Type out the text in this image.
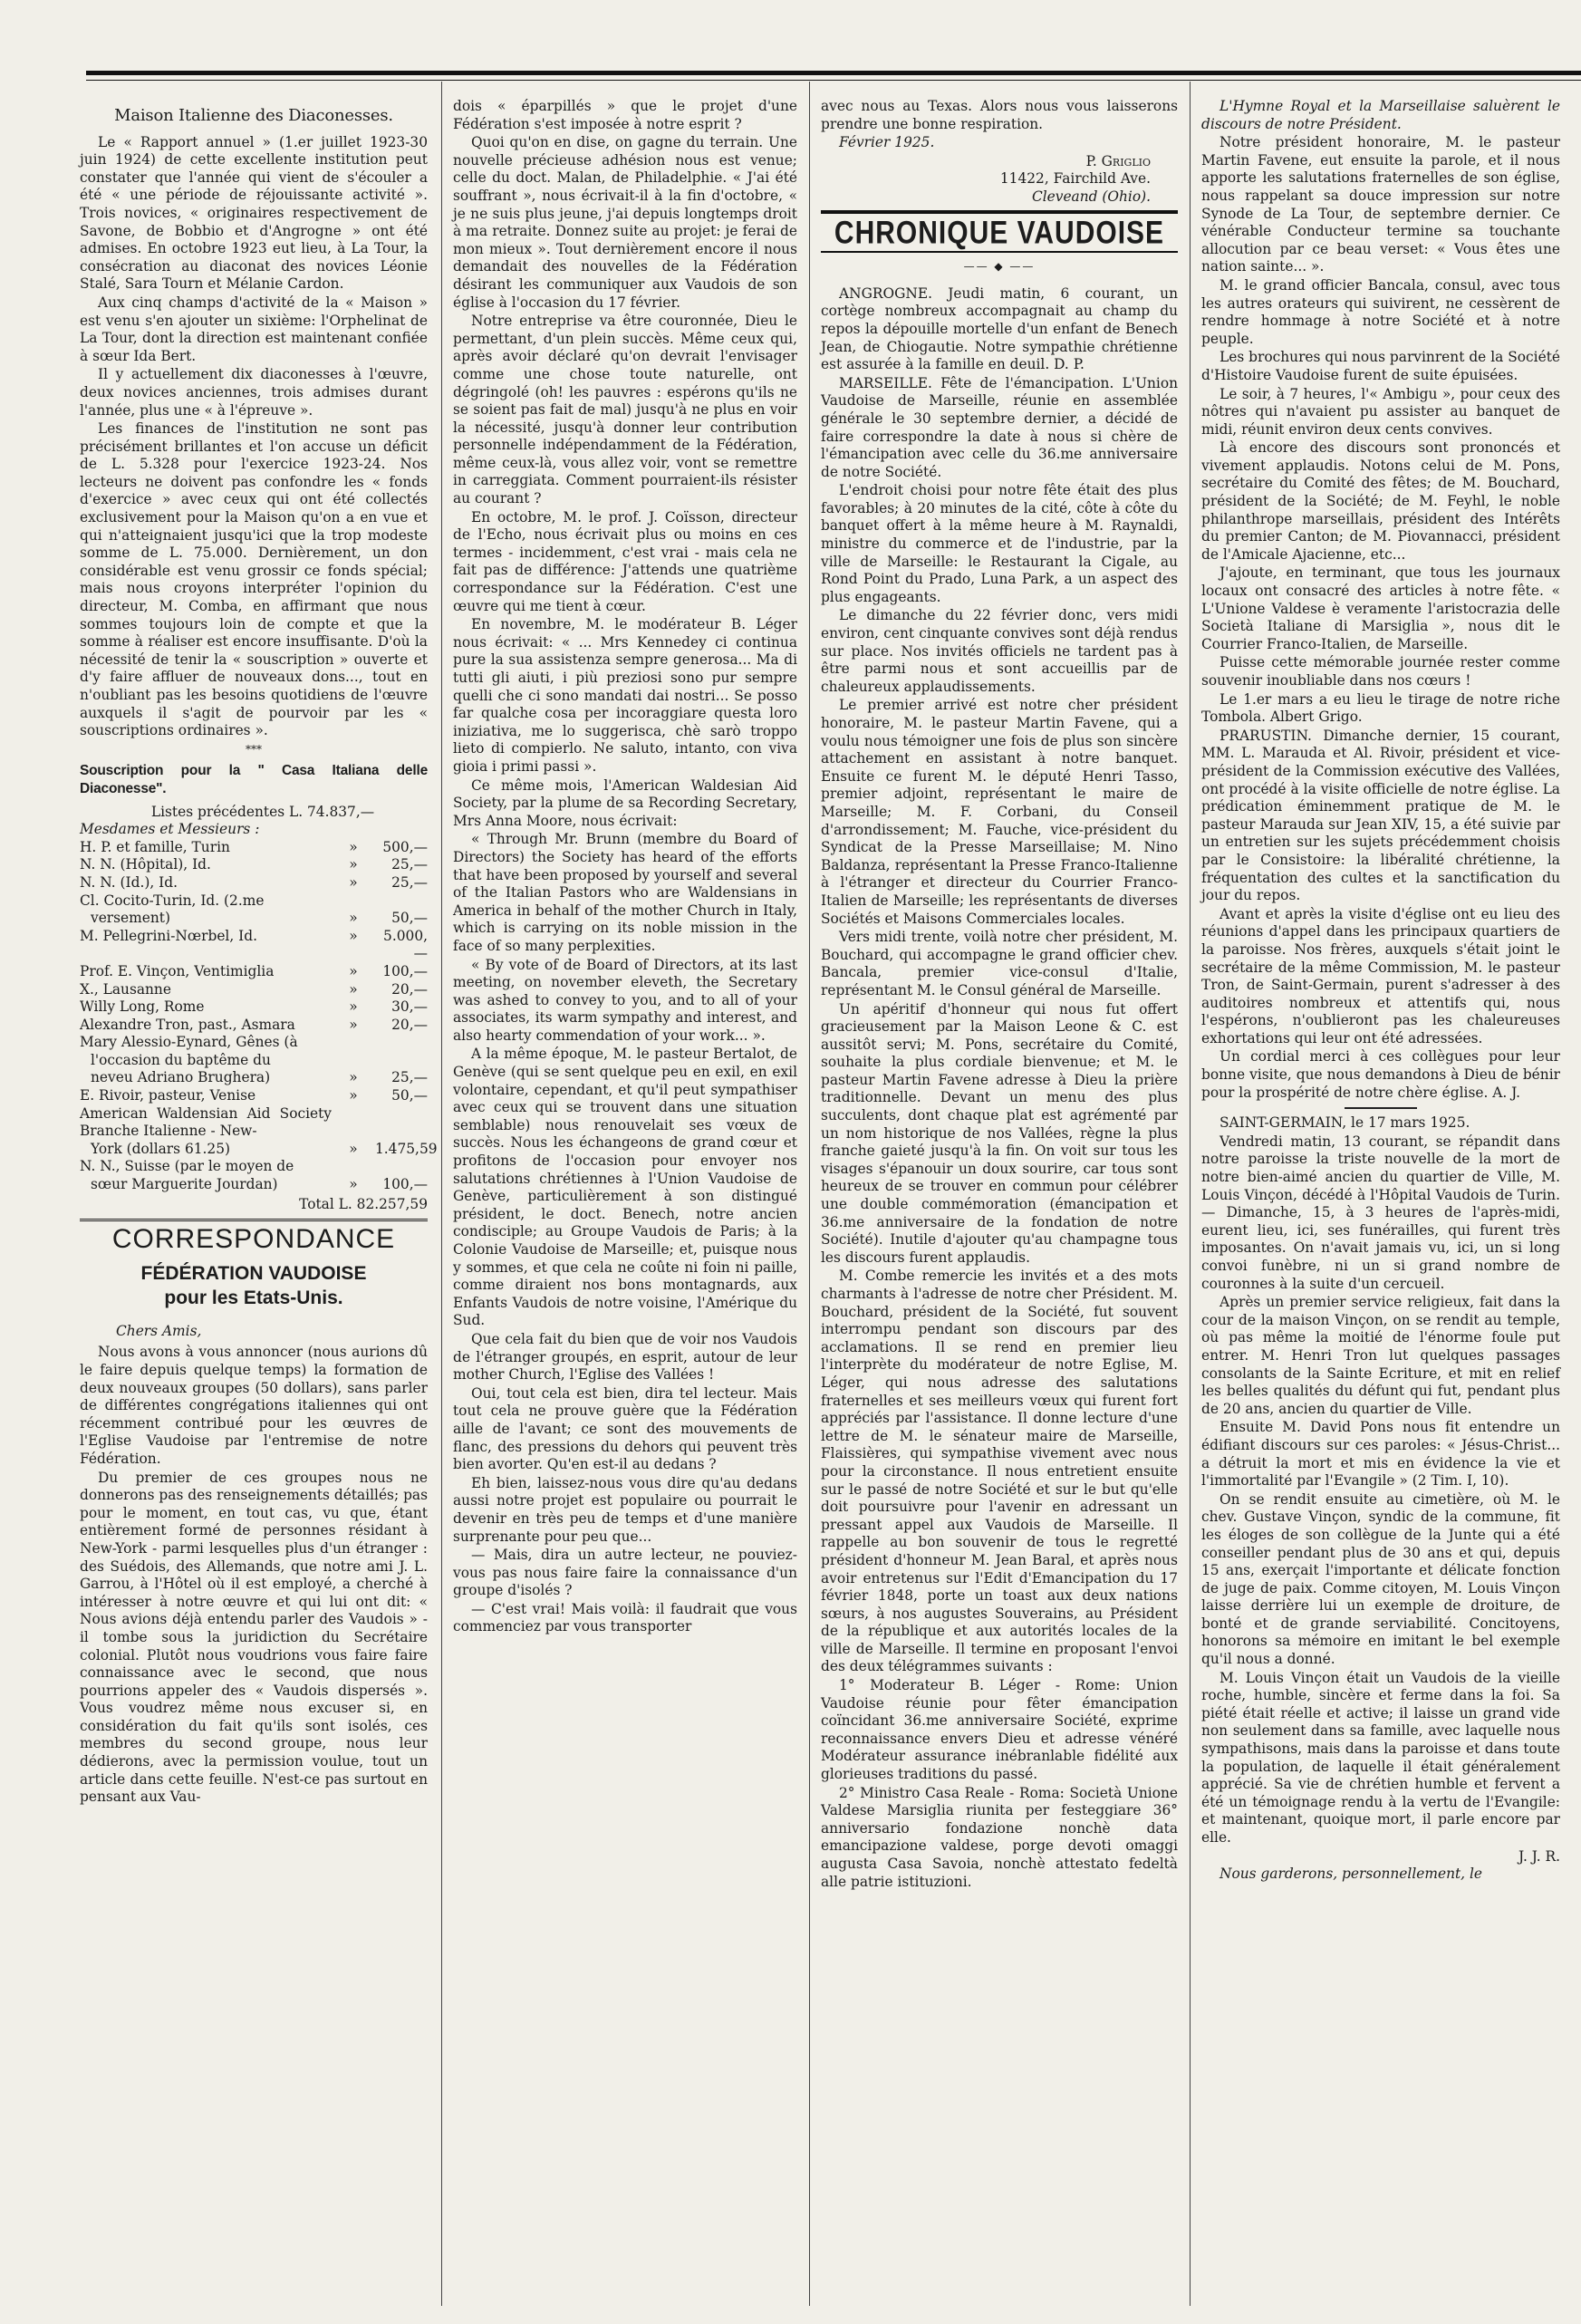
Maison Italienne des Diaconesses.

Le « Rapport annuel » (1.er juillet 1923-30 juin 1924) de cette excellente institution peut constater que l'année qui vient de s'écouler a été « une période de réjouissante activité ». Trois novices, « originaires respectivement de Savone, de Bobbio et d'Angrogne » ont été admises. En octobre 1923 eut lieu, à La Tour, la consécration au diaconat des novices Léonie Stalé, Sara Tourn et Mélanie Cardon.

Aux cinq champs d'activité de la « Maison » est venu s'en ajouter un sixième: l'Orphelinat de La Tour, dont la direction est maintenant confiée à sœur Ida Bert.

Il y actuellement dix diaconesses à l'œuvre, deux novices anciennes, trois admises durant l'année, plus une « à l'épreuve ».

Les finances de l'institution ne sont pas précisément brillantes et l'on accuse un déficit de L. 5.328 pour l'exercice 1923-24. Nos lecteurs ne doivent pas confondre les « fonds d'exercice » avec ceux qui ont été collectés exclusivement pour la Maison qu'on a en vue et qui n'atteignaient jusqu'ici que la trop modeste somme de L. 75.000. Dernièrement, un don considérable est venu grossir ce fonds spécial; mais nous croyons interpréter l'opinion du directeur, M. Comba, en affirmant que nous sommes toujours loin de compte et que la somme à réaliser est encore insuffisante. D'où la nécessité de tenir la « souscription » ouverte et d'y faire affluer de nouveaux dons..., tout en n'oubliant pas les besoins quotidiens de l'œuvre auxquels il s'agit de pourvoir par les « souscriptions ordinaires ».

***
Souscription pour la " Casa Italiana delle Diaconesse".
Listes précédentes L. 74.837,—
Mesdames et Messieurs :
H. P. et famille, Turin	»	500,—
N. N. (Hôpital), Id.	»	25,—
N. N. (Id.), Id.	»	25,—
Cl. Cocito-Turin, Id. (2.me
versement)	»	50,—
M. Pellegrini-Nœrbel, Id.	»	5.000,—
Prof. E. Vinçon, Ventimiglia	»	100,—
X., Lausanne	»	20,—
Willy Long, Rome	»	30,—
Alexandre Tron, past., Asmara	»	20,—
Mary Alessio-Eynard, Gênes (à
l'occasion du baptême du
neveu Adriano Brughera)	»	25,—
E. Rivoir, pasteur, Venise	»	50,—
American Waldensian Aid Society Branche Italienne - New-
York (dollars 61.25)	»	1.475,59
N. N., Suisse (par le moyen de
sœur Marguerite Jourdan)	»	100,—
Total L. 82.257,59
CORRESPONDANCE
FÉDÉRATION VAUDOISE
pour les Etats-Unis.
Chers Amis,

Nous avons à vous annoncer (nous aurions dû le faire depuis quelque temps) la formation de deux nouveaux groupes (50 dollars), sans parler de différentes congrégations italiennes qui ont récemment contribué pour les œuvres de l'Eglise Vaudoise par l'entremise de notre Fédération.

Du premier de ces groupes nous ne donnerons pas des renseignements détaillés; pas pour le moment, en tout cas, vu que, étant entièrement formé de personnes résidant à New-York - parmi lesquelles plus d'un étranger : des Suédois, des Allemands, que notre ami J. L. Garrou, à l'Hôtel où il est employé, a cherché à intéresser à notre œuvre et qui lui ont dit: « Nous avions déjà entendu parler des Vaudois » - il tombe sous la juridiction du Secrétaire colonial. Plutôt nous voudrions vous faire faire connaissance avec le second, que nous pourrions appeler des « Vaudois dispersés ». Vous voudrez même nous excuser si, en considération du fait qu'ils sont isolés, ces membres du second groupe, nous leur dédierons, avec la permission voulue, tout un article dans cette feuille. N'est-ce pas surtout en pensant aux Vau-

dois « éparpillés » que le projet d'une Fédération s'est imposée à notre esprit ?

Quoi qu'on en dise, on gagne du terrain. Une nouvelle précieuse adhésion nous est venue; celle du doct. Malan, de Philadelphie. « J'ai été souffrant », nous écrivait-il à la fin d'octobre, « je ne suis plus jeune, j'ai depuis longtemps droit à ma retraite. Donnez suite au projet: je ferai de mon mieux ». Tout dernièrement encore il nous demandait des nouvelles de la Fédération désirant les communiquer aux Vaudois de son église à l'occasion du 17 février.

Notre entreprise va être couronnée, Dieu le permettant, d'un plein succès. Même ceux qui, après avoir déclaré qu'on devrait l'envisager comme une chose toute naturelle, ont dégringolé (oh! les pauvres : espérons qu'ils ne se soient pas fait de mal) jusqu'à ne plus en voir la nécessité, jusqu'à donner leur contribution personnelle indépendamment de la Fédération, même ceux-là, vous allez voir, vont se remettre in carreggiata. Comment pourraient-ils résister au courant ?

En octobre, M. le prof. J. Coïsson, directeur de l'Echo, nous écrivait plus ou moins en ces termes - incidemment, c'est vrai - mais cela ne fait pas de différence: J'attends une quatrième correspondance sur la Fédération. C'est une œuvre qui me tient à cœur.

En novembre, M. le modérateur B. Léger nous écrivait: « ... Mrs Kennedey ci continua pure la sua assistenza sempre generosa... Ma di tutti gli aiuti, i più preziosi sono pur sempre quelli che ci sono mandati dai nostri... Se posso far qualche cosa per incoraggiare questa loro iniziativa, me lo suggerisca, chè sarò troppo lieto di compierlo. Ne saluto, intanto, con viva gioia i primi passi ».

Ce même mois, l'American Waldesian Aid Society, par la plume de sa Recording Secretary, Mrs Anna Moore, nous écrivait:

« Through Mr. Brunn (membre du Board of Directors) the Society has heard of the efforts that have been proposed by yourself and several of the Italian Pastors who are Waldensians in America in behalf of the mother Church in Italy, which is carrying on its noble mission in the face of so many perplexities.

« By vote of de Board of Directors, at its last meeting, on november eleveth, the Secretary was ashed to convey to you, and to all of your associates, its warm sympathy and interest, and also hearty commendation of your work... ».

A la même époque, M. le pasteur Bertalot, de Genève (qui se sent quelque peu en exil, en exil volontaire, cependant, et qu'il peut sympathiser avec ceux qui se trouvent dans une situation semblable) nous renouvelait ses vœux de succès. Nous les échangeons de grand cœur et profitons de l'occasion pour envoyer nos salutations chrétiennes à l'Union Vaudoise de Genève, particulièrement à son distingué président, le doct. Benech, notre ancien condisciple; au Groupe Vaudois de Paris; à la Colonie Vaudoise de Marseille; et, puisque nous y sommes, et que cela ne coûte ni foin ni paille, comme diraient nos bons montagnards, aux Enfants Vaudois de notre voisine, l'Amérique du Sud.

Que cela fait du bien que de voir nos Vaudois de l'étranger groupés, en esprit, autour de leur mother Church, l'Eglise des Vallées !

Oui, tout cela est bien, dira tel lecteur. Mais tout cela ne prouve guère que la Fédération aille de l'avant; ce sont des mouvements de flanc, des pressions du dehors qui peuvent très bien avorter. Qu'en est-il au dedans ?

Eh bien, laissez-nous vous dire qu'au dedans aussi notre projet est populaire ou pourrait le devenir en très peu de temps et d'une manière surprenante pour peu que...

— Mais, dira un autre lecteur, ne pouviez-vous pas nous faire faire la connaissance d'un groupe d'isolés ?

— C'est vrai! Mais voilà: il faudrait que vous commenciez par vous transporter

avec nous au Texas. Alors nous vous laisserons prendre une bonne respiration.

Février 1925.

P. Griglio
11422, Fairchild Ave.
Cleveand (Ohio).
CHRONIQUE VAUDOISE
—— ◆ ——

ANGROGNE. Jeudi matin, 6 courant, un cortège nombreux accompagnait au champ du repos la dépouille mortelle d'un enfant de Benech Jean, de Chiogautie. Notre sympathie chrétienne est assurée à la famille en deuil. D. P.

MARSEILLE. Fête de l'émancipation. L'Union Vaudoise de Marseille, réunie en assemblée générale le 30 septembre dernier, a décidé de faire correspondre la date à nous si chère de l'émancipation avec celle du 36.me anniversaire de notre Société.

L'endroit choisi pour notre fête était des plus favorables; à 20 minutes de la cité, côte à côte du banquet offert à la même heure à M. Raynaldi, ministre du commerce et de l'industrie, par la ville de Marseille: le Restaurant la Cigale, au Rond Point du Prado, Luna Park, a un aspect des plus engageants.

Le dimanche du 22 février donc, vers midi environ, cent cinquante convives sont déjà rendus sur place. Nos invités officiels ne tardent pas à être parmi nous et sont accueillis par de chaleureux applaudissements.

Le premier arrivé est notre cher président honoraire, M. le pasteur Martin Favene, qui a voulu nous témoigner une fois de plus son sincère attachement en assistant à notre banquet. Ensuite ce furent M. le député Henri Tasso, premier adjoint, représentant le maire de Marseille; M. F. Corbani, du Conseil d'arrondissement; M. Fauche, vice-président du Syndicat de la Presse Marseillaise; M. Nino Baldanza, représentant la Presse Franco-Italienne à l'étranger et directeur du Courrier Franco-Italien de Marseille; les représentants de diverses Sociétés et Maisons Commerciales locales.

Vers midi trente, voilà notre cher président, M. Bouchard, qui accompagne le grand officier chev. Bancala, premier vice-consul d'Italie, représentant M. le Consul général de Marseille.

Un apéritif d'honneur qui nous fut offert gracieusement par la Maison Leone & C. est aussitôt servi; M. Pons, secrétaire du Comité, souhaite la plus cordiale bienvenue; et M. le pasteur Martin Favene adresse à Dieu la prière traditionnelle. Devant un menu des plus succulents, dont chaque plat est agrémenté par un nom historique de nos Vallées, règne la plus franche gaieté jusqu'à la fin. On voit sur tous les visages s'épanouir un doux sourire, car tous sont heureux de se trouver en commun pour célébrer une double commémoration (émancipation et 36.me anniversaire de la fondation de notre Société). Inutile d'ajouter qu'au champagne tous les discours furent applaudis.

M. Combe remercie les invités et a des mots charmants à l'adresse de notre cher Président. M. Bouchard, président de la Société, fut souvent interrompu pendant son discours par des acclamations. Il se rend en premier lieu l'interprète du modérateur de notre Eglise, M. Léger, qui nous adresse des salutations fraternelles et ses meilleurs vœux qui furent fort appréciés par l'assistance. Il donne lecture d'une lettre de M. le sénateur maire de Marseille, Flaissières, qui sympathise vivement avec nous pour la circonstance. Il nous entretient ensuite sur le passé de notre Société et sur le but qu'elle doit poursuivre pour l'avenir en adressant un pressant appel aux Vaudois de Marseille. Il rappelle au bon souvenir de tous le regretté président d'honneur M. Jean Baral, et après nous avoir entretenus sur l'Edit d'Emancipation du 17 février 1848, porte un toast aux deux nations sœurs, à nos augustes Souverains, au Président de la république et aux autorités locales de la ville de Marseille. Il termine en proposant l'envoi des deux télégrammes suivants :

1° Moderateur B. Léger - Rome: Union Vaudoise réunie pour fêter émancipation coïncidant 36.me anniversaire Société, exprime reconnaissance envers Dieu et adresse vénéré Modérateur assurance inébranlable fidélité aux glorieuses traditions du passé.

2° Ministro Casa Reale - Roma: Società Unione Valdese Marsiglia riunita per festeggiare 36° anniversario fondazione nonchè data emancipazione valdese, porge devoti omaggi augusta Casa Savoia, nonchè attestato fedeltà alle patrie istituzioni.

L'Hymne Royal et la Marseillaise saluèrent le discours de notre Président.

Notre président honoraire, M. le pasteur Martin Favene, eut ensuite la parole, et il nous apporte les salutations fraternelles de son église, nous rappelant sa douce impression sur notre Synode de La Tour, de septembre dernier. Ce vénérable Conducteur termine sa touchante allocution par ce beau verset: « Vous êtes une nation sainte... ».

M. le grand officier Bancala, consul, avec tous les autres orateurs qui suivirent, ne cessèrent de rendre hommage à notre Société et à notre peuple.

Les brochures qui nous parvinrent de la Société d'Histoire Vaudoise furent de suite épuisées.

Le soir, à 7 heures, l'« Ambigu », pour ceux des nôtres qui n'avaient pu assister au banquet de midi, réunit environ deux cents convives.

Là encore des discours sont prononcés et vivement applaudis. Notons celui de M. Pons, secrétaire du Comité des fêtes; de M. Bouchard, président de la Société; de M. Feyhl, le noble philanthrope marseillais, président des Intérêts du premier Canton; de M. Piovannacci, président de l'Amicale Ajacienne, etc...

J'ajoute, en terminant, que tous les journaux locaux ont consacré des articles à notre fête. « L'Unione Valdese è veramente l'aristocrazia delle Società Italiane di Marsiglia », nous dit le Courrier Franco-Italien, de Marseille.

Puisse cette mémorable journée rester comme souvenir inoubliable dans nos cœurs !

Le 1.er mars a eu lieu le tirage de notre riche Tombola. Albert Grigo.

PRARUSTIN. Dimanche dernier, 15 courant, MM. L. Marauda et Al. Rivoir, président et vice-président de la Commission exécutive des Vallées, ont procédé à la visite officielle de notre église. La prédication éminemment pratique de M. le pasteur Marauda sur Jean XIV, 15, a été suivie par un entretien sur les sujets précédemment choisis par le Consistoire: la libéralité chrétienne, la fréquentation des cultes et la sanctification du jour du repos.

Avant et après la visite d'église ont eu lieu des réunions d'appel dans les principaux quartiers de la paroisse. Nos frères, auxquels s'était joint le secrétaire de la même Commission, M. le pasteur Tron, de Saint-Germain, purent s'adresser à des auditoires nombreux et attentifs qui, nous l'espérons, n'oublieront pas les chaleureuses exhortations qui leur ont été adressées.

Un cordial merci à ces collègues pour leur bonne visite, que nous demandons à Dieu de bénir pour la prospérité de notre chère église. A. J.

SAINT-GERMAIN, le 17 mars 1925.

Vendredi matin, 13 courant, se répandit dans notre paroisse la triste nouvelle de la mort de notre bien-aimé ancien du quartier de Ville, M. Louis Vinçon, décédé à l'Hôpital Vaudois de Turin. — Dimanche, 15, à 3 heures de l'après-midi, eurent lieu, ici, ses funérailles, qui furent très imposantes. On n'avait jamais vu, ici, un si long convoi funèbre, ni un si grand nombre de couronnes à la suite d'un cercueil.

Après un premier service religieux, fait dans la cour de la maison Vinçon, on se rendit au temple, où pas même la moitié de l'énorme foule put entrer. M. Henri Tron lut quelques passages consolants de la Sainte Ecriture, et mit en relief les belles qualités du défunt qui fut, pendant plus de 20 ans, ancien du quartier de Ville.

Ensuite M. David Pons nous fit entendre un édifiant discours sur ces paroles: « Jésus-Christ... a détruit la mort et mis en évidence la vie et l'immortalité par l'Evangile » (2 Tim. I, 10).

On se rendit ensuite au cimetière, où M. le chev. Gustave Vinçon, syndic de la commune, fit les éloges de son collègue de la Junte qui a été conseiller pendant plus de 30 ans et qui, depuis 15 ans, exerçait l'importante et délicate fonction de juge de paix. Comme citoyen, M. Louis Vinçon laisse derrière lui un exemple de droiture, de bonté et de grande serviabilité. Concitoyens, honorons sa mémoire en imitant le bel exemple qu'il nous a donné.

M. Louis Vinçon était un Vaudois de la vieille roche, humble, sincère et ferme dans la foi. Sa piété était réelle et active; il laisse un grand vide non seulement dans sa famille, avec laquelle nous sympathisons, mais dans la paroisse et dans toute la population, de laquelle il était généralement apprécié. Sa vie de chrétien humble et fervent a été un témoignage rendu à la vertu de l'Evangile: et maintenant, quoique mort, il parle encore par elle.

J. J. R.

Nous garderons, personnellement, le
